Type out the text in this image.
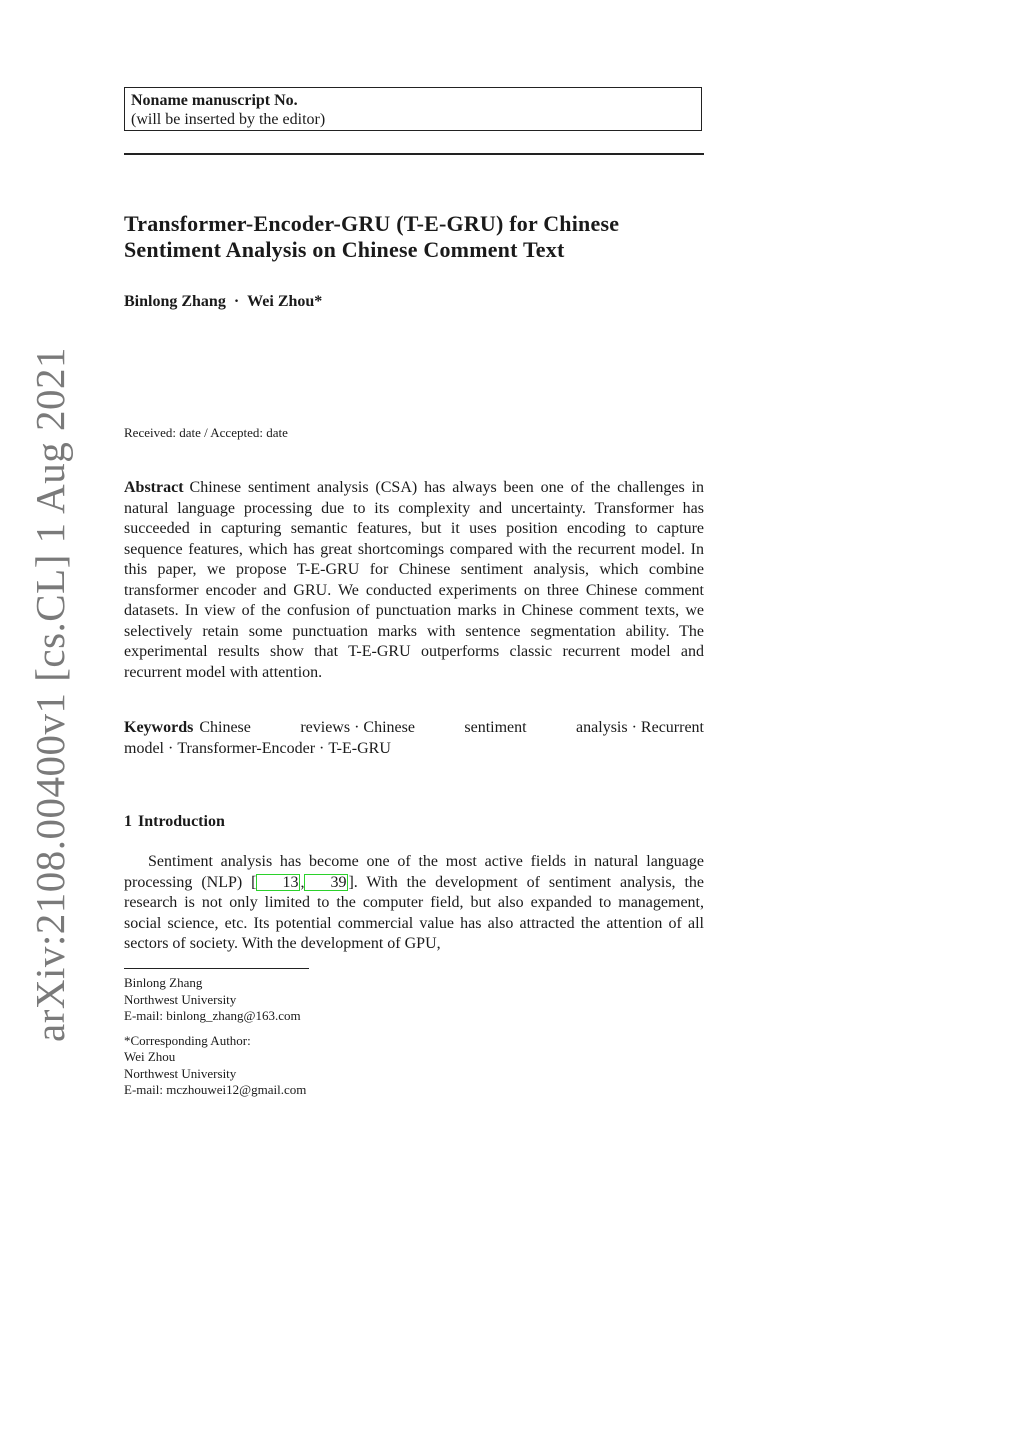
arXiv:2108.00400v1 [cs.CL] 1 Aug 2021
Noname manuscript No.
(will be inserted by the editor)
Transformer-Encoder-GRU (T-E-GRU) for Chinese
Sentiment Analysis on Chinese Comment Text
Binlong Zhang · Wei Zhou*
Received: date / Accepted: date
Abstract Chinese sentiment analysis (CSA) has always been one of the challenges in natural language processing due to its complexity and uncertainty. Transformer has succeeded in capturing semantic features, but it uses position encoding to capture sequence features, which has great shortcomings compared with the recurrent model. In this paper, we propose T-E-GRU for Chinese sentiment analysis, which combine transformer encoder and GRU. We conducted experiments on three Chinese comment datasets. In view of the confusion of punctuation marks in Chinese comment texts, we selectively retain some punctuation marks with sentence segmentation ability. The experimental results show that T-E-GRU outperforms classic recurrent model and recurrent model with attention.
Keywords Chinese reviews · Chinese sentiment analysis · Recurrent model · Transformer-Encoder · T-E-GRU
1 Introduction
Sentiment analysis has become one of the most active fields in natural language processing (NLP) [ 13 , 39 ]. With the development of sentiment analysis, the research is not only limited to the computer field, but also expanded to management, social science, etc. Its potential commercial value has also attracted the attention of all sectors of society. With the development of GPU,
Binlong Zhang
Northwest University
E-mail: binlong_zhang@163.com
*Corresponding Author:
Wei Zhou
Northwest University
E-mail: mczhouwei12@gmail.com
